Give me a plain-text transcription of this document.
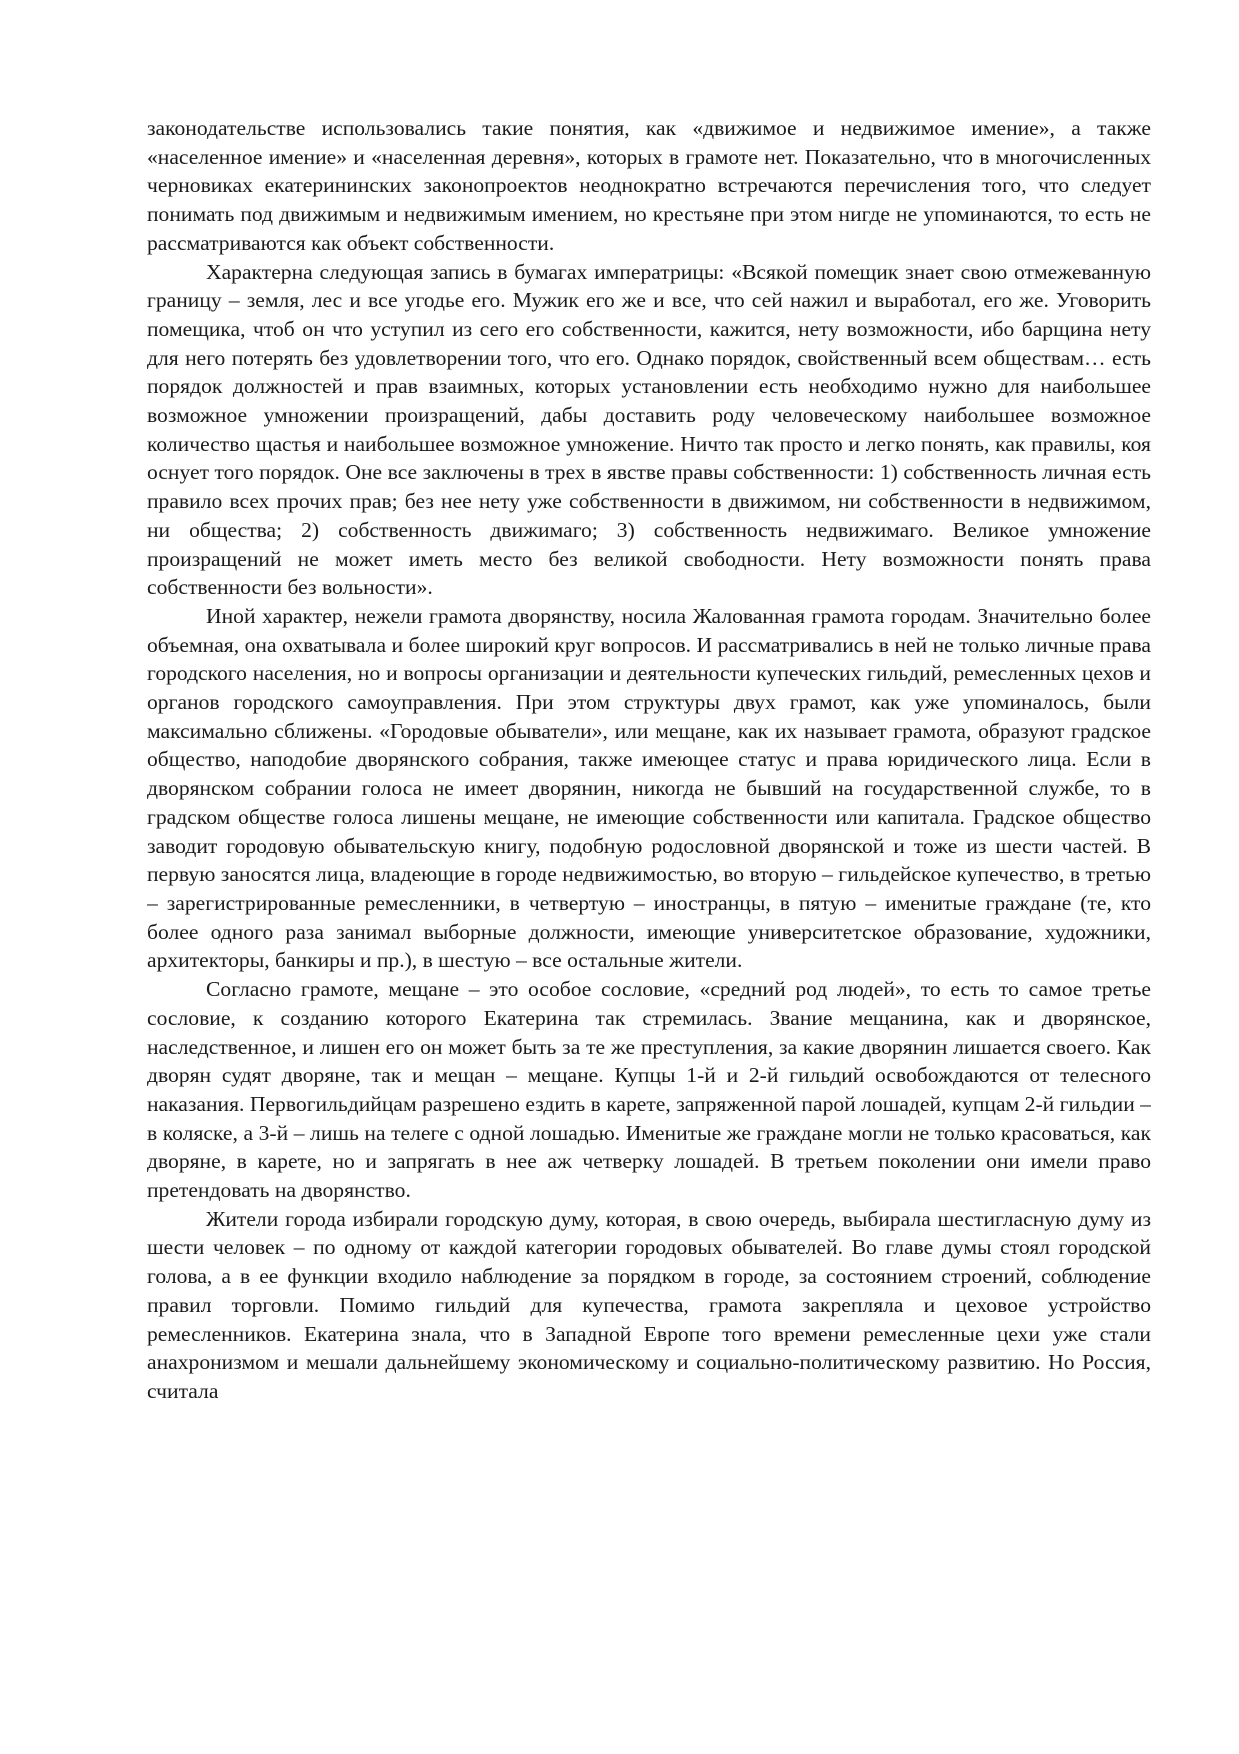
законодательстве использовались такие понятия, как «движимое и недвижимое имение», а также «населенное имение» и «населенная деревня», которых в грамоте нет. Показательно, что в многочисленных черновиках екатерининских законопроектов неоднократно встречаются перечисления того, что следует понимать под движимым и недвижимым имением, но крестьяне при этом нигде не упоминаются, то есть не рассматриваются как объект собственности.

Характерна следующая запись в бумагах императрицы: «Всякой помещик знает свою отмежеванную границу – земля, лес и все угодье его. Мужик его же и все, что сей нажил и выработал, его же. Уговорить помещика, чтоб он что уступил из сего его собственности, кажится, нету возможности, ибо барщина нету для него потерять без удовлетворении того, что его. Однако порядок, свойственный всем обществам… есть порядок должностей и прав взаимных, которых установлении есть необходимо нужно для наибольшее возможное умножении произращений, дабы доставить роду человеческому наибольшее возможное количество щастья и наибольшее возможное умножение. Ничто так просто и легко понять, как правилы, коя оснует того порядок. Оне все заключены в трех в явстве правы собственности: 1) собственность личная есть правило всех прочих прав; без нее нету уже собственности в движимом, ни собственности в недвижимом, ни общества; 2) собственность движимаго; 3) собственность недвижимаго. Великое умножение произращений не может иметь место без великой свободности. Нету возможности понять права собственности без вольности».

Иной характер, нежели грамота дворянству, носила Жалованная грамота городам. Значительно более объемная, она охватывала и более широкий круг вопросов. И рассматривались в ней не только личные права городского населения, но и вопросы организации и деятельности купеческих гильдий, ремесленных цехов и органов городского самоуправления. При этом структуры двух грамот, как уже упоминалось, были максимально сближены. «Городовые обыватели», или мещане, как их называет грамота, образуют градское общество, наподобие дворянского собрания, также имеющее статус и права юридического лица. Если в дворянском собрании голоса не имеет дворянин, никогда не бывший на государственной службе, то в градском обществе голоса лишены мещане, не имеющие собственности или капитала. Градское общество заводит городовую обывательскую книгу, подобную родословной дворянской и тоже из шести частей. В первую заносятся лица, владеющие в городе недвижимостью, во вторую – гильдейское купечество, в третью – зарегистрированные ремесленники, в четвертую – иностранцы, в пятую – именитые граждане (те, кто более одного раза занимал выборные должности, имеющие университетское образование, художники, архитекторы, банкиры и пр.), в шестую – все остальные жители.

Согласно грамоте, мещане – это особое сословие, «средний род людей», то есть то самое третье сословие, к созданию которого Екатерина так стремилась. Звание мещанина, как и дворянское, наследственное, и лишен его он может быть за те же преступления, за какие дворянин лишается своего. Как дворян судят дворяне, так и мещан – мещане. Купцы 1-й и 2-й гильдий освобождаются от телесного наказания. Первогильдийцам разрешено ездить в карете, запряженной парой лошадей, купцам 2-й гильдии – в коляске, а 3-й – лишь на телеге с одной лошадью. Именитые же граждане могли не только красоваться, как дворяне, в карете, но и запрягать в нее аж четверку лошадей. В третьем поколении они имели право претендовать на дворянство.

Жители города избирали городскую думу, которая, в свою очередь, выбирала шестигласную думу из шести человек – по одному от каждой категории городовых обывателей. Во главе думы стоял городской голова, а в ее функции входило наблюдение за порядком в городе, за состоянием строений, соблюдение правил торговли. Помимо гильдий для купечества, грамота закрепляла и цеховое устройство ремесленников. Екатерина знала, что в Западной Европе того времени ремесленные цехи уже стали анахронизмом и мешали дальнейшему экономическому и социально-политическому развитию. Но Россия, считала
